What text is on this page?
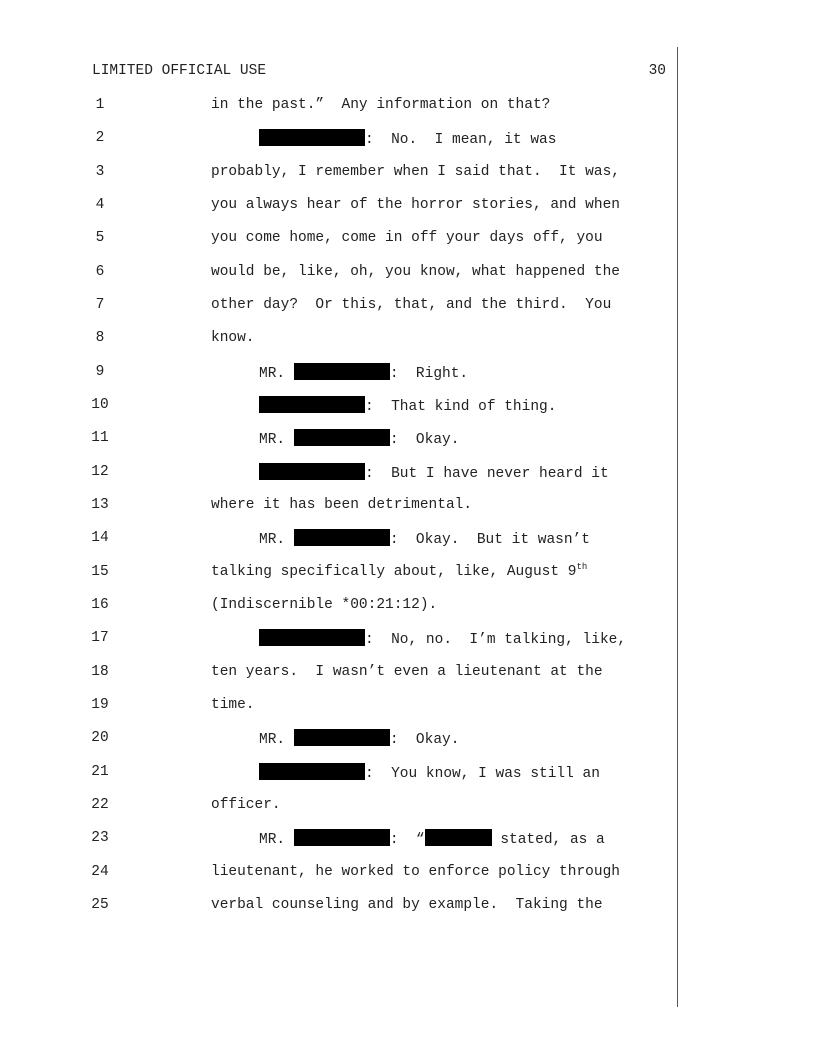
LIMITED OFFICIAL USE	30
1	in the past.”  Any information on that?
2	:  No.  I mean, it was
3	probably, I remember when I said that.  It was,
4	you always hear of the horror stories, and when
5	you come home, come in off your days off, you
6	would be, like, oh, you know, what happened the
7	other day?  Or this, that, and the third.  You
8	know.
9	MR.	:  Right.
10	:  That kind of thing.
11	MR.	:  Okay.
12	:  But I have never heard it
13	where it has been detrimental.
14	MR.	:  Okay.  But it wasn’t
15	talking specifically about, like, August 9th
16	(Indiscernible *00:21:12).
17	:  No, no.  I’m talking, like,
18	ten years.  I wasn’t even a lieutenant at the
19	time.
20	MR.	:  Okay.
21	:  You know, I was still an
22	officer.
23	MR.	:  “	stated, as a
24	lieutenant, he worked to enforce policy through
25	verbal counseling and by example.  Taking the
